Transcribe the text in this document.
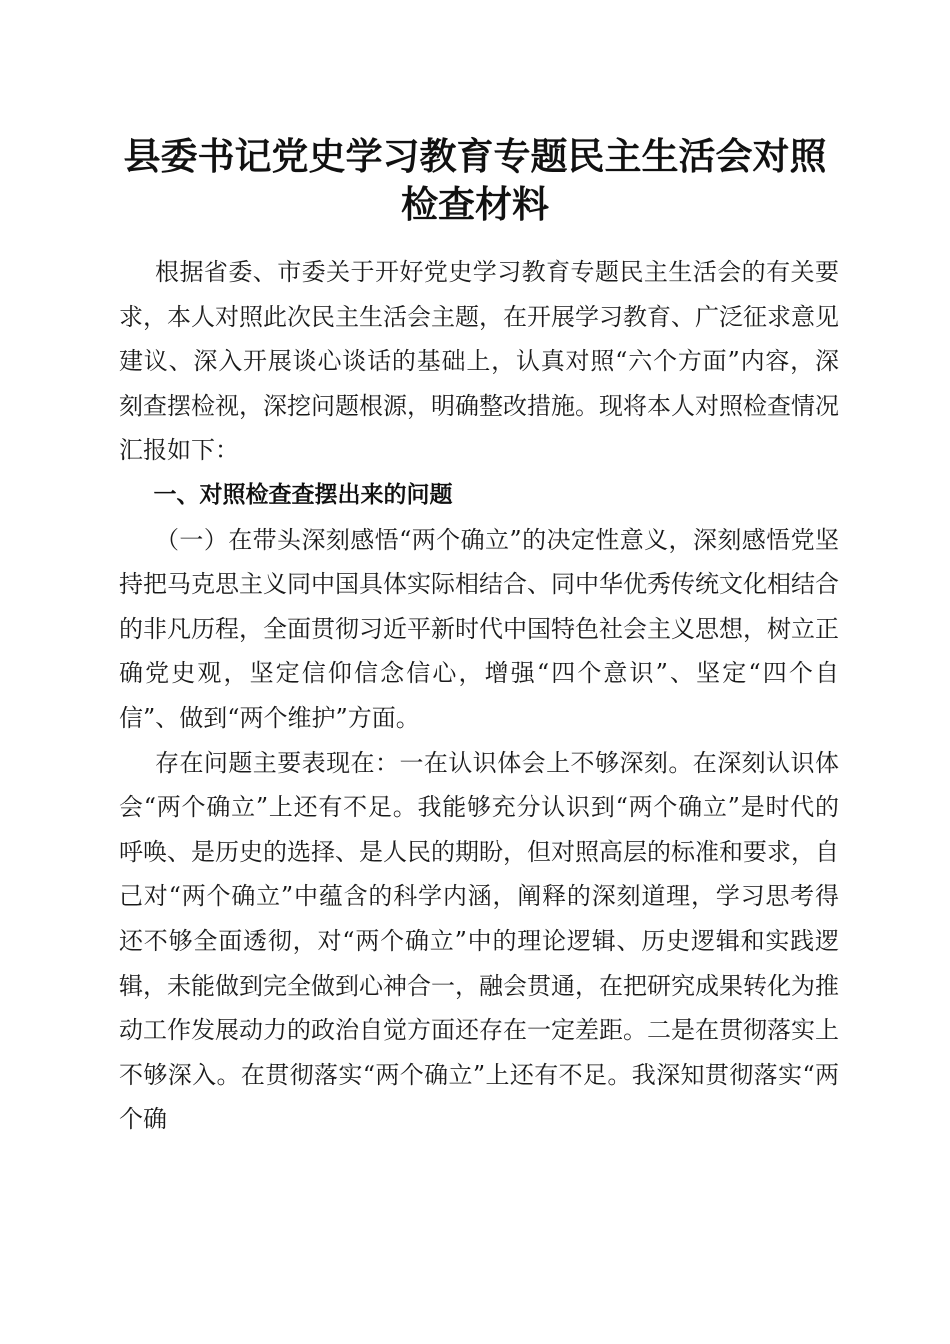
县委书记党史学习教育专题民主生活会对照检查材料

根据省委、市委关于开好党史学习教育专题民主生活会的有关要求，本人对照此次民主生活会主题，在开展学习教育、广泛征求意见建议、深入开展谈心谈话的基础上，认真对照“六个方面”内容，深刻查摆检视，深挖问题根源，明确整改措施。现将本人对照检查情况汇报如下：

一、对照检查查摆出来的问题

（一）在带头深刻感悟“两个确立”的决定性意义，深刻感悟党坚持把马克思主义同中国具体实际相结合、同中华优秀传统文化相结合的非凡历程，全面贯彻习近平新时代中国特色社会主义思想，树立正确党史观，坚定信仰信念信心，增强“四个意识”、坚定“四个自信”、做到“两个维护”方面。

存在问题主要表现在：一在认识体会上不够深刻。在深刻认识体会“两个确立”上还有不足。我能够充分认识到“两个确立”是时代的呼唤、是历史的选择、是人民的期盼，但对照高层的标准和要求，自己对“两个确立”中蕴含的科学内涵，阐释的深刻道理，学习思考得还不够全面透彻，对“两个确立”中的理论逻辑、历史逻辑和实践逻辑，未能做到完全做到心神合一，融会贯通，在把研究成果转化为推动工作发展动力的政治自觉方面还存在一定差距。二是在贯彻落实上不够深入。在贯彻落实“两个确立”上还有不足。我深知贯彻落实“两个确
